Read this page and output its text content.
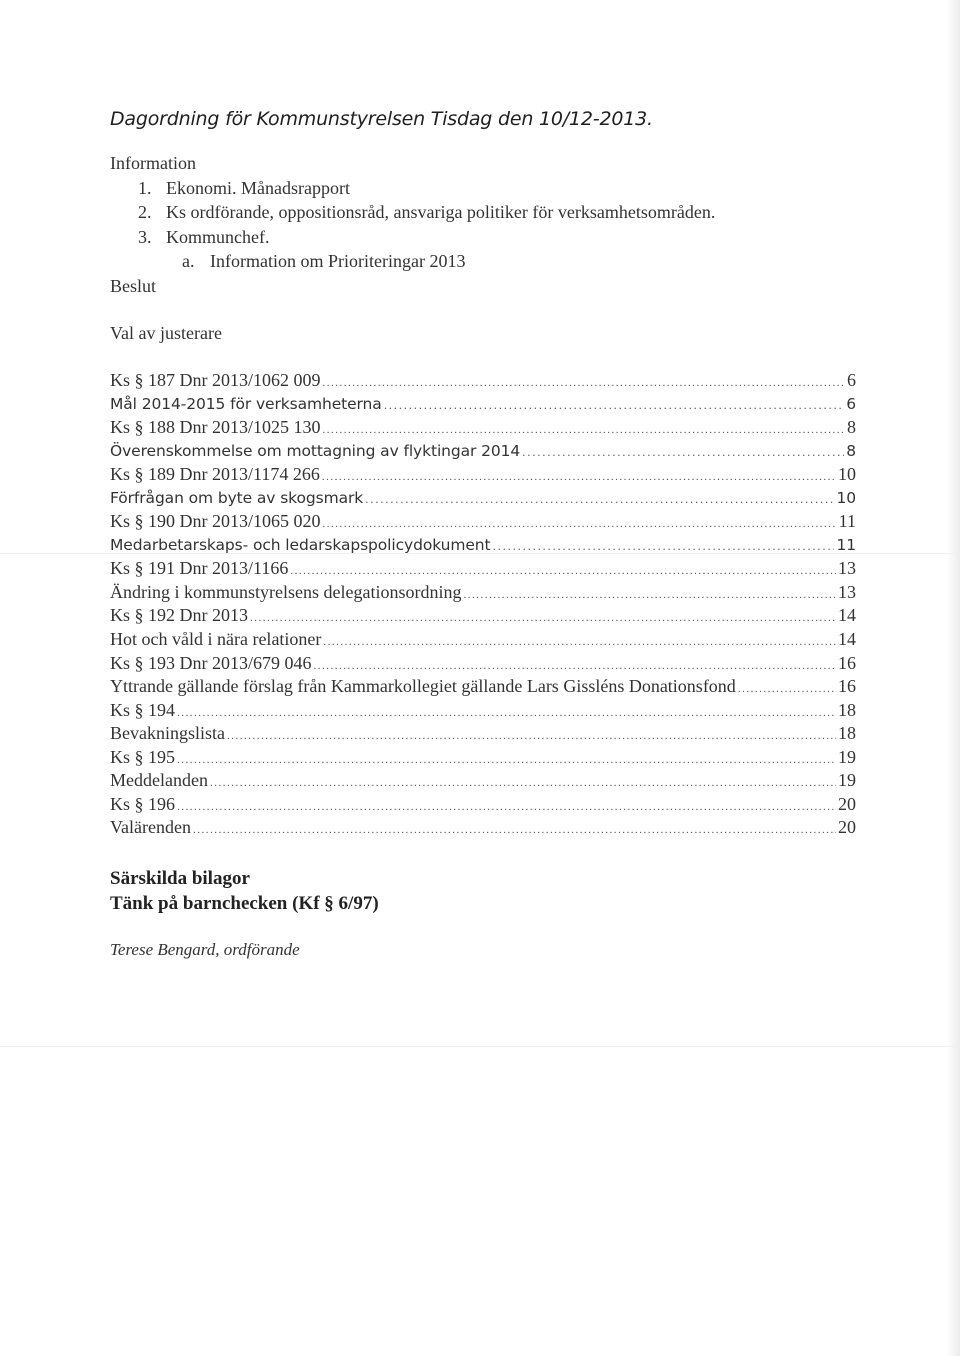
Dagordning för Kommunstyrelsen Tisdag den 10/12-2013.
Information
1. Ekonomi. Månadsrapport
2. Ks ordförande, oppositionsråd, ansvariga politiker för verksamhetsområden.
3. Kommunchef.
a. Information om Prioriteringar 2013
Beslut
Val av justerare
Ks § 187 Dnr 2013/1062 009 .....	6
Mål 2014-2015 för verksamheterna .....	6
Ks § 188 Dnr 2013/1025 130 .....	8
Överenskommelse om mottagning av flyktingar 2014 .....	8
Ks § 189 Dnr 2013/1174 266 .....	10
Förfrågan om byte av skogsmark .....	10
Ks § 190 Dnr 2013/1065 020 .....	11
Medarbetarskaps- och ledarskapspolicydokument .....	11
Ks § 191 Dnr 2013/1166 .....	13
Ändring i kommunstyrelsens delegationsordning .....	13
Ks § 192 Dnr 2013 .....	14
Hot och våld i nära relationer .....	14
Ks § 193 Dnr 2013/679 046 .....	16
Yttrande gällande förslag från Kammarkollegiet gällande Lars Gissléns Donationsfond .....	16
Ks § 194 .....	18
Bevakningslista .....	18
Ks § 195 .....	19
Meddelanden .....	19
Ks § 196 .....	20
Valärenden .....	20
Särskilda bilagor
Tänk på barnchecken (Kf § 6/97)
Terese Bengard, ordförande
